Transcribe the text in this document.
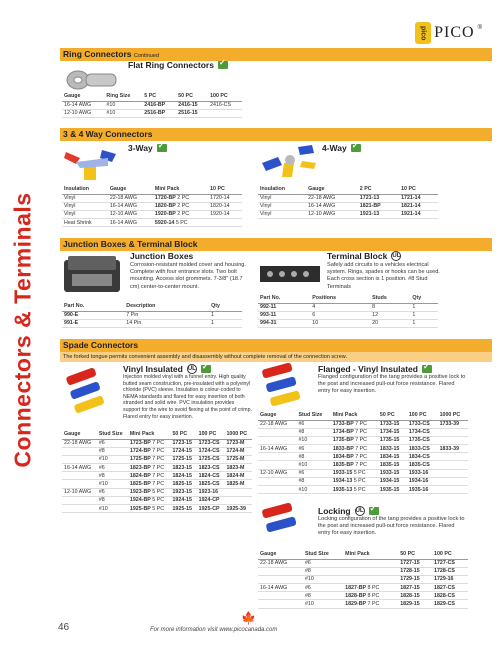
pico PICO ®
Connectors & Terminals
Ring Connectors Continued
Flat Ring Connectors
✓
Gauge	Ring Size	5 PC	50 PC	100 PC
16-14 AWG	#10	2416-BP	2416-15	2416-CS
12-10 AWG	#10	2516-BP	2516-15	
3 & 4 Way Connectors
3-Way ✓	4-Way
✓
Insulation	Gauge	Mini Pack	10 PC
Vinyl	22-18 AWG	1720-BP 2 PC	1720-14
Vinyl	16-14 AWG	1820-BP 2 PC	1820-14
Vinyl	12-10 AWG	1920-BP 2 PC	1920-14
Heat Shrink	16-14 AWG	5920-14 5 PC	
Insulation	Gauge	2 PC	10 PC
Vinyl	22-18 AWG	1721-13	1721-14
Vinyl	16-14 AWG	1821-BP	1821-14
Vinyl	12-10 AWG	1921-13	1921-14
Junction Boxes & Terminal Block
Junction Boxes
Corrosion-resistant molded cover and housing. Complete with four entrance slots. Two bolt mounting. Access slot grommets. 7-3/8" (18.7 cm) center-to-center mount.
Part No.	Description	Qty
990-E	7 Pin	1
991-E	14 Pin	1
Terminal Block UL
Safely add circuits to a vehicles electrical system. Rings, spades or hooks can be used. Each cross section is 1 position. #8 Stud Terminals
Part No.	Positions	Studs	Qty
992-11	4	8	1
993-11	6	12	1
994-31	10	20	1
Spade Connectors
The forked tongue permits convenient assembly and disassembly without complete removal of the connection screw.
Vinyl Insulated UL
✓
Injection molded vinyl with a funnel entry. High quality butted seam construction, pre-insulated with a polyvinyl chloride (PVC) sleeve. Insulation is colour-coded to NEMA standards and flared for easy insertion of both stranded and solid wire. PVC insulation provides support for the wire to avoid flexing at the point of crimp. Flared entry for easy insertion.
Gauge	Stud Size	Mini Pack	50 PC	100 PC	1000 PC
22-18 AWG	#6	1723-BP 7 PC	1723-15	1723-CS	1723-M
	#8	1724-BP 7 PC	1724-15	1724-CS	1724-M
	#10	1725-BP 7 PC	1725-15	1725-CS	1725-M
16-14 AWG	#6	1823-BP 7 PC	1823-15	1823-CS	1823-M
	#8	1824-BP 7 PC	1824-15	1824-CS	1824-M
	#10	1825-BP 7 PC	1825-15	1825-CS	1825-M
12-10 AWG	#6	1923-BP 5 PC	1923-15	1923-16	
	#8	1924-BP 5 PC	1924-15	1924-CP	
	#10	1925-BP 5 PC	1925-15	1925-CP	1925-39
Flanged - Vinyl Insulated
✓
Flanged configuration of the tang provides a positive lock to the post and increased pull-out force resistance. Flared entry for easy insertion.
Gauge	Stud Size	Mini Pack	50 PC	100 PC	1000 PC
22-18 AWG	#6	1733-BP 7 PC	1733-15	1733-CS	1733-39
	#8	1734-BP 7 PC	1734-15	1734-CS	
	#10	1735-BP 7 PC	1735-15	1735-CS	
16-14 AWG	#6	1833-BP 7 PC	1833-15	1833-CS	1833-39
	#8	1834-BP 7 PC	1834-15	1834-CS	
	#10	1835-BP 7 PC	1835-15	1835-CS	
12-10 AWG	#6	1933-15 5 PC	1933-15	1933-16	
	#8	1934-13 5 PC	1934-15	1934-16	
	#10	1935-13 5 PC	1935-15	1935-16	
Locking UL
✓
Locking configuration of the tang provides a positive lock to the post and increased pull-out force resistance. Flared entry for easy insertion.
Gauge	Stud Size	Mini Pack	50 PC	100 PC
22-18 AWG	#6		1727-15	1727-CS
	#8		1728-15	1728-CS
	#10		1729-15	1729-16
16-14 AWG	#6	1827-BP 8 PC	1827-15	1827-CS
	#8	1828-BP 8 PC	1828-15	1828-CS
	#10	1829-BP 7 PC	1829-15	1829-CS
46
🍁
For more information visit www.picocanada.com
